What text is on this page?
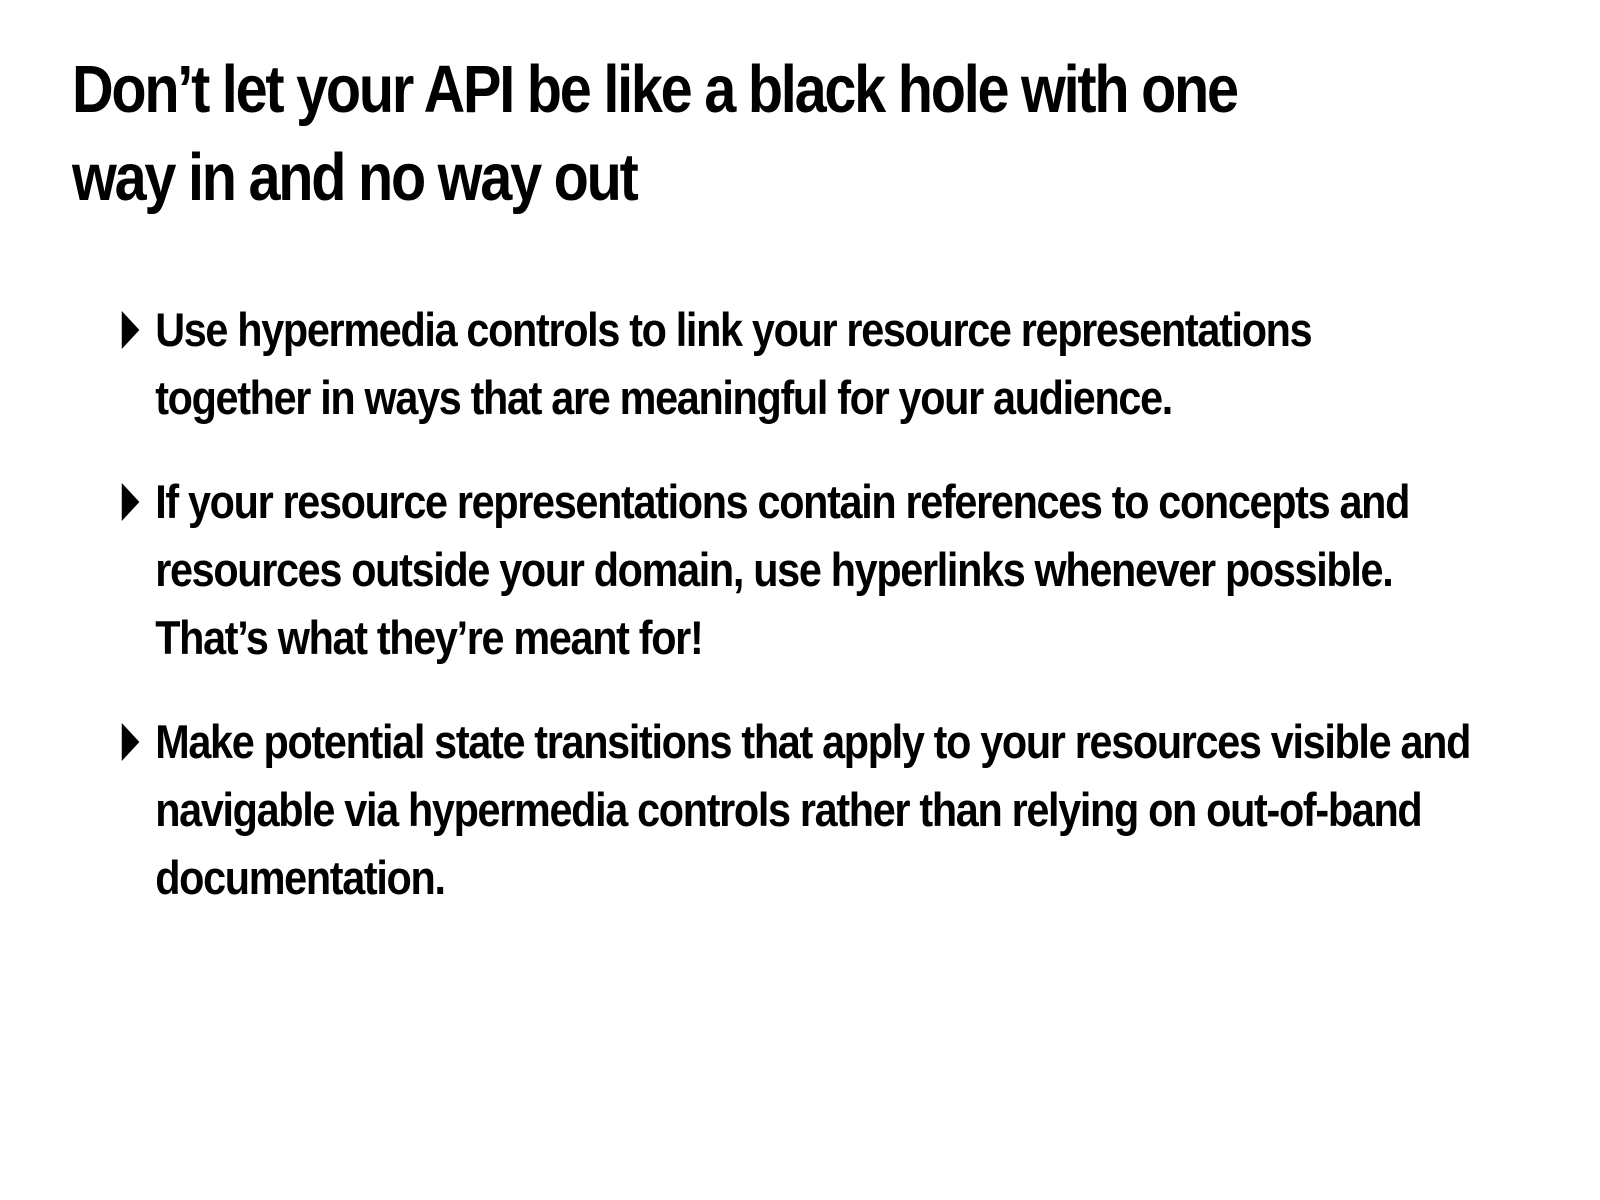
Don’t let your API be like a black hole with one way in and no way out
Use hypermedia controls to link your resource representations together in ways that are meaningful for your audience.
If your resource representations contain references to concepts and resources outside your domain, use hyperlinks whenever possible. That’s what they’re meant for!
Make potential state transitions that apply to your resources visible and navigable via hypermedia controls rather than relying on out-of-band documentation.
